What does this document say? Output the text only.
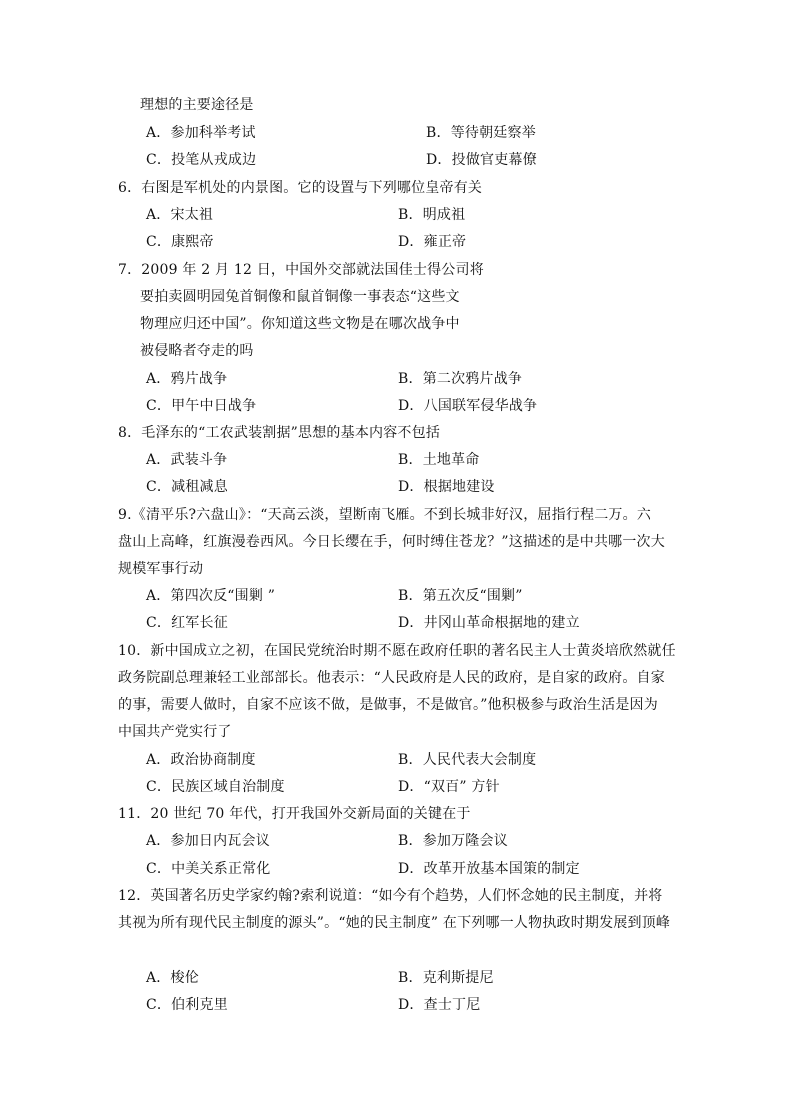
理想的主要途径是
A．参加科举考试	B．等待朝廷察举
C．投笔从戎成边	D．投做官吏幕僚
6．右图是军机处的内景图。它的设置与下列哪位皇帝有关
A．宋太祖	B．明成祖
C．康熙帝	D．雍正帝
7．2009 年 2 月 12 日，中国外交部就法国佳士得公司将
要拍卖圆明园兔首铜像和鼠首铜像一事表态“这些文
物理应归还中国”。你知道这些文物是在哪次战争中
被侵略者夺走的吗
A．鸦片战争	B．第二次鸦片战争
C．甲午中日战争	D．八国联军侵华战争
8．毛泽东的“工农武装割据”思想的基本内容不包括
A．武装斗争	B．土地革命
C．减租减息	D．根据地建设
9.《清平乐?六盘山》：“天高云淡，望断南飞雁。不到长城非好汉，屈指行程二万。六
盘山上高峰，红旗漫卷西风。今日长缨在手，何时缚住苍龙？”这描述的是中共哪一次大
规模军事行动
A．第四次反“围剿 ”	B．第五次反“围剿”
C．红军长征	D．井冈山革命根据地的建立
10．新中国成立之初，在国民党统治时期不愿在政府任职的著名民主人士黄炎培欣然就任
政务院副总理兼轻工业部部长。他表示：“人民政府是人民的政府，是自家的政府。自家
的事，需要人做时，自家不应该不做，是做事，不是做官。”他积极参与政治生活是因为
中国共产党实行了
A．政治协商制度	B．人民代表大会制度
C．民族区域自治制度	D．“双百” 方针
11．20 世纪 70 年代，打开我国外交新局面的关键在于
A．参加日内瓦会议	B．参加万隆会议
C．中美关系正常化	D．改革开放基本国策的制定
12．英国著名历史学家约翰?索利说道：“如今有个趋势，人们怀念她的民主制度，并将
其视为所有现代民主制度的源头”。“她的民主制度” 在下列哪一人物执政时期发展到顶峰
A．梭伦	B．克利斯提尼
C．伯利克里	D．查士丁尼
